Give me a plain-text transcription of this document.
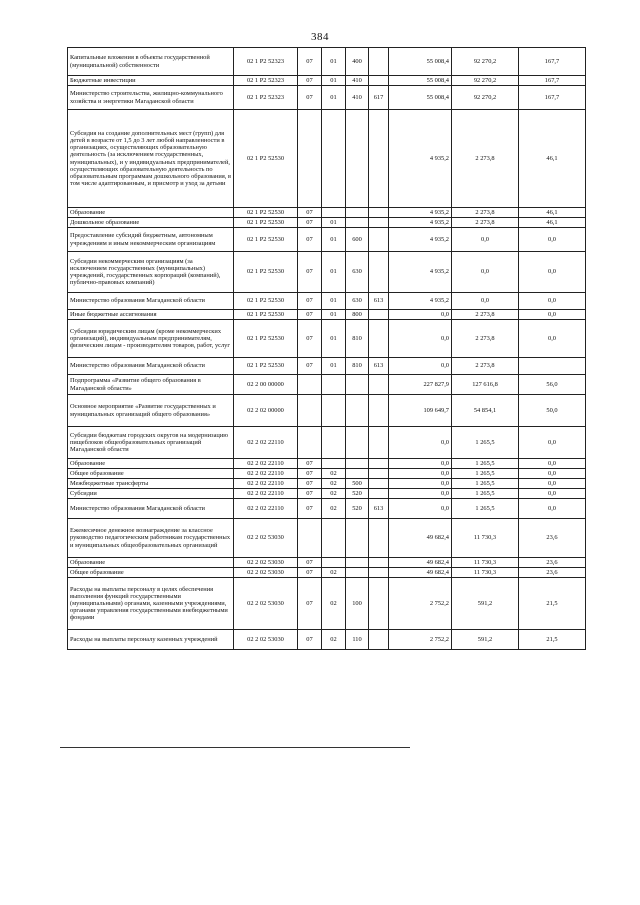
384
Капитальные вложения в объекты государственной (муниципальной) собственности	02 1 P2 52323	07	01	400		55 008,4	92 270,2	167,7
Бюджетные инвестиции	02 1 P2 52323	07	01	410		55 008,4	92 270,2	167,7
Министерство строительства, жилищно-коммунального хозяйства и энергетики Магаданской области	02 1 P2 52323	07	01	410	617	55 008,4	92 270,2	167,7
Субсидия на создание дополнительных мест (групп) для детей в возрасте от 1,5 до 3 лет любой направленности в организациях, осуществляющих образовательную деятельность (за исключением государственных, муниципальных), и у индивидуальных предпринимателей, осуществляющих образовательную деятельность по образовательным программам дошкольного образования, в том числе адаптированным, и присмотр и уход за детьми	02 1 P2 52530					4 935,2	2 273,8	46,1
Образование	02 1 P2 52530	07				4 935,2	2 273,8	46,1
Дошкольное образование	02 1 P2 52530	07	01			4 935,2	2 273,8	46,1
Предоставление субсидий бюджетным, автономным учреждениям и иным некоммерческим организациям	02 1 P2 52530	07	01	600		4 935,2	0,0	0,0
Субсидии некоммерческим организациям (за исключением государственных (муниципальных) учреждений, государственных корпораций (компаний), публично-правовых компаний)	02 1 P2 52530	07	01	630		4 935,2	0,0	0,0
Министерство образования Магаданской области	02 1 P2 52530	07	01	630	613	4 935,2	0,0	0,0
Иные бюджетные ассигнования	02 1 P2 52530	07	01	800		0,0	2 273,8	0,0
Субсидии юридическим лицам (кроме некоммерческих организаций), индивидуальным предпринимателям, физическим лицам - производителям товаров, работ, услуг	02 1 P2 52530	07	01	810		0,0	2 273,8	0,0
Министерство образования Магаданской области	02 1 P2 52530	07	01	810	613	0,0	2 273,8	
Подпрограмма «Развитие общего образования в Магаданской области»	02 2 00 00000					227 827,9	127 616,8	56,0
Основное мероприятие «Развитие государственных и муниципальных организаций общего образования»	02 2 02 00000					109 649,7	54 854,1	50,0
Субсидии бюджетам городских округов на модернизацию пищеблоков общеобразовательных организаций Магаданской области	02 2 02 22110					0,0	1 265,5	0,0
Образование	02 2 02 22110	07				0,0	1 265,5	0,0
Общее образование	02 2 02 22110	07	02			0,0	1 265,5	0,0
Межбюджетные трансферты	02 2 02 22110	07	02	500		0,0	1 265,5	0,0
Субсидии	02 2 02 22110	07	02	520		0,0	1 265,5	0,0
Министерство образования Магаданской области	02 2 02 22110	07	02	520	613	0,0	1 265,5	0,0
Ежемесячное денежное вознаграждение за классное руководство педагогическим работникам государственных и муниципальных общеобразовательных организаций	02 2 02 53030					49 682,4	11 730,3	23,6
Образование	02 2 02 53030	07				49 682,4	11 730,3	23,6
Общее образование	02 2 02 53030	07	02			49 682,4	11 730,3	23,6
Расходы на выплаты персоналу в целях обеспечения выполнения функций государственными (муниципальными) органами, казенными учреждениями, органами управления государственными внебюджетными фондами	02 2 02 53030	07	02	100		2 752,2	591,2	21,5
Расходы на выплаты персоналу казенных учреждений	02 2 02 53030	07	02	110		2 752,2	591,2	21,5
